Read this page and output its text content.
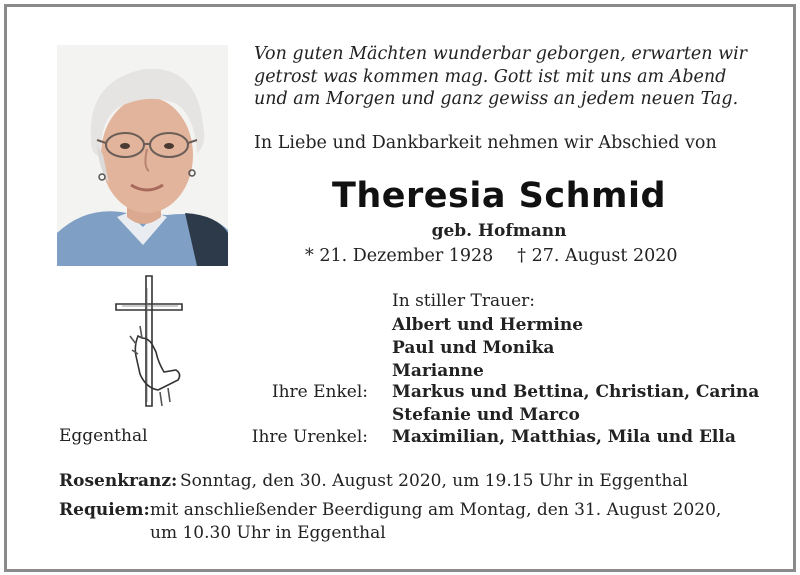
Von guten Mächten wunderbar geborgen, erwarten wir
getrost was kommen mag. Gott ist mit uns am Abend
und am Morgen und ganz gewiss an jedem neuen Tag.
In Liebe und Dankbarkeit nehmen wir Abschied von
Theresia Schmid
geb. Hofmann
* 21. Dezember 1928 † 27. August 2020
In stiller Trauer:
Albert und Hermine
Paul und Monika
Marianne
Ihre Enkel: Markus und Bettina, Christian, Carina
Stefanie und Marco
Ihre Urenkel: Maximilian, Matthias, Mila und Ella
Eggenthal
Rosenkranz: Sonntag, den 30. August 2020, um 19.15 Uhr in Eggenthal
Requiem: mit anschließender Beerdigung am Montag, den 31. August 2020,
um 10.30 Uhr in Eggenthal
